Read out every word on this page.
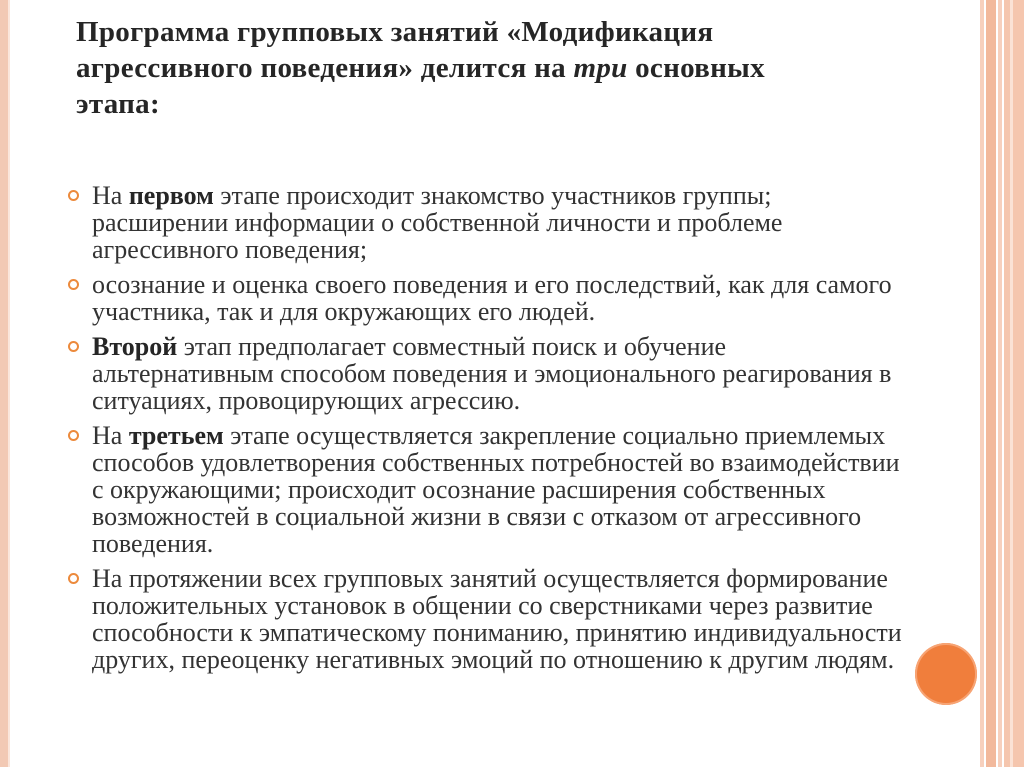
Программа групповых занятий «Модификация
агрессивного поведения» делится на три основных
этапа:
На первом этапе происходит знакомство участников группы; расширении информации о собственной личности и проблеме агрессивного поведения;
осознание и оценка своего поведения и его последствий, как для самого участника, так и для окружающих его людей.
Второй этап предполагает совместный поиск и обучение альтернативным способом поведения и эмоционального реагирования в ситуациях, провоцирующих агрессию.
На третьем этапе осуществляется закрепление социально приемлемых способов удовлетворения собственных потребностей во взаимодействии с окружающими; происходит осознание расширения собственных возможностей в социальной жизни в связи с отказом от агрессивного поведения.
На протяжении всех групповых занятий осуществляется формирование положительных установок в общении со сверстниками через развитие способности к эмпатическому пониманию, принятию индивидуальности других, переоценку негативных эмоций по отношению к другим людям.
